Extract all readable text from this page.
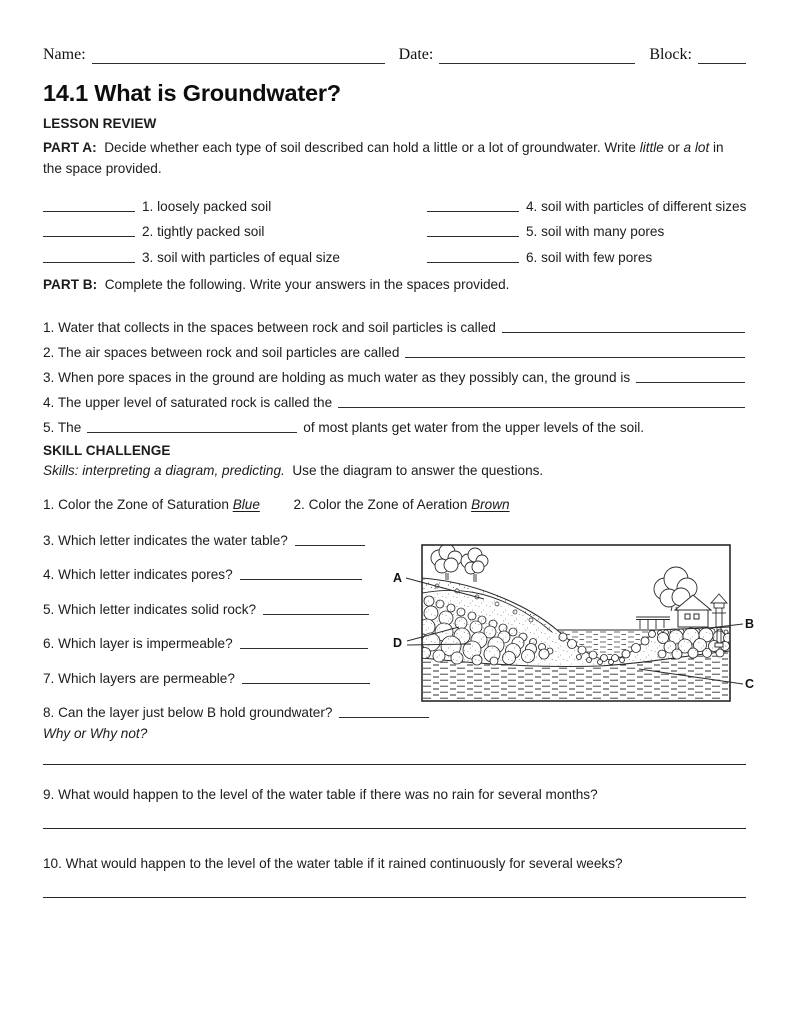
Name:	Date:	Block:
14.1 What is Groundwater?
LESSON REVIEW
PART A: Decide whether each type of soil described can hold a little or a lot of groundwater. Write little or a lot in the space provided.
1. loosely packed soil
2. tightly packed soil
3. soil with particles of equal size
4. soil with particles of different sizes
5. soil with many pores
6. soil with few pores
PART B: Complete the following. Write your answers in the spaces provided.
1. Water that collects in the spaces between rock and soil particles is called
2. The air spaces between rock and soil particles are called
3. When pore spaces in the ground are holding as much water as they possibly can, the ground is
4. The upper level of saturated rock is called the
5. The	of most plants get water from the upper levels of the soil.
SKILL CHALLENGE
Skills: interpreting a diagram, predicting. Use the diagram to answer the questions.
1. Color the Zone of Saturation Blue 2. Color the Zone of Aeration Brown
3. Which letter indicates the water table?
4. Which letter indicates pores?
5. Which letter indicates solid rock?
6. Which layer is impermeable?
7. Which layers are permeable?
8. Can the layer just below B hold groundwater?
Why or Why not?
A
B
C
D
9. What would happen to the level of the water table if there was no rain for several months?
10. What would happen to the level of the water table if it rained continuously for several weeks?
